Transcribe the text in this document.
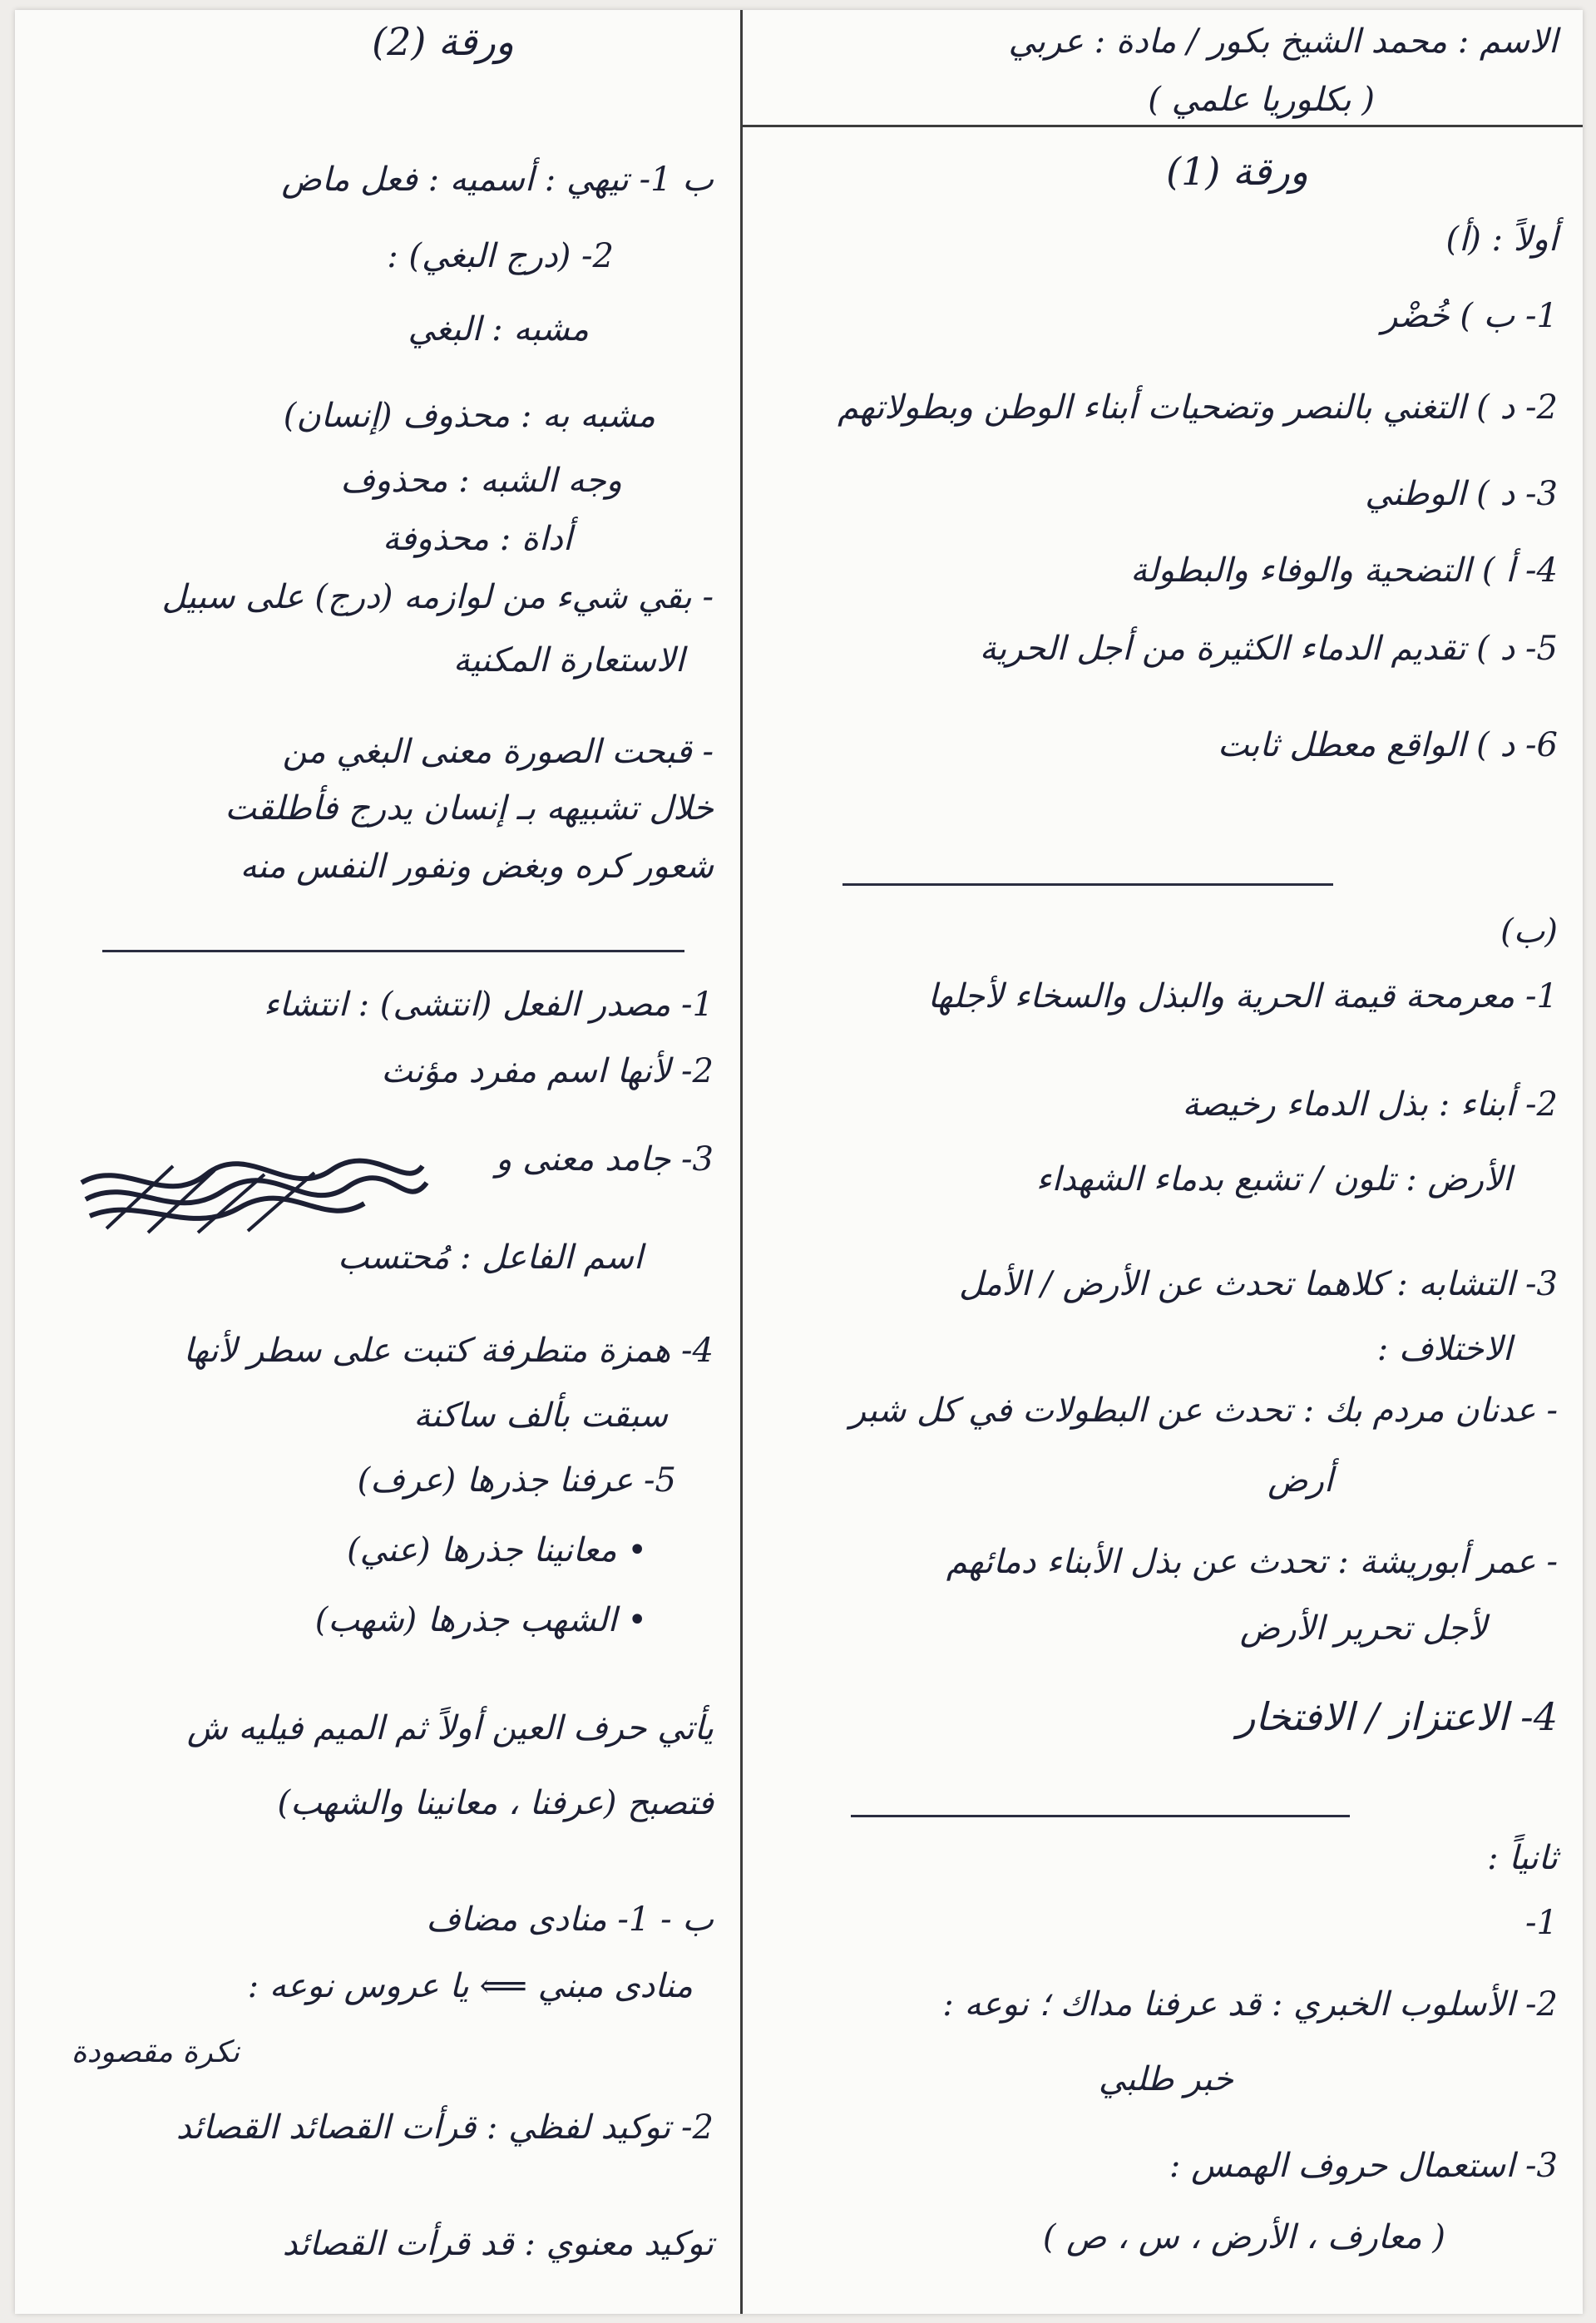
ورقة (2)
ب 1- تيهي : أسميه : فعل ماض
2- (درج البغي) :
مشبه : البغي
مشبه به : محذوف (إنسان)
وجه الشبه : محذوف
أداة : محذوفة
- بقي شيء من لوازمه (درج) على سبيل
الاستعارة المكنية
- قبحت الصورة معنى البغي من
خلال تشبيهه بـ إنسان يدرج فأطلقت
شعور كره وبغض ونفور النفس منه
1- مصدر الفعل (انتشى) : انتشاء
2- لأنها اسم مفرد مؤنث
3- جامد معنى و
اسم الفاعل : مُحتسب
4- همزة متطرفة كتبت على سطر لأنها
سبقت بألف ساكنة
5- عرفنا جذرها (عرف)
• معانينا جذرها (عني)
• الشهب جذرها (شهب)
يأتي حرف العين أولاً ثم الميم فيليه ش
فتصبح (عرفنا ، معانينا والشهب)
ب - 1- منادى مضاف
منادى مبني ⟸ يا عروس نوعه :
نكرة مقصودة
2- توكيد لفظي : قرأت القصائد القصائد
توكيد معنوي : قد قرأت القصائد
الاسم : محمد الشيخ بكور / مادة : عربي
( بكلوريا علمي )
ورقة (1)
أولاً : (أ)
1- ب ) خُضْر
2- د ) التغني بالنصر وتضحيات أبناء الوطن وبطولاتهم
3- د ) الوطني
4- أ ) التضحية والوفاء والبطولة
5- د ) تقديم الدماء الكثيرة من أجل الحرية
6- د ) الواقع معطل ثابت
(ب)
1- معرمحة قيمة الحرية والبذل والسخاء لأجلها
2- أبناء : بذل الدماء رخيصة
الأرض : تلون / تشبع بدماء الشهداء
3- التشابه : كلاهما تحدث عن الأرض / الأمل
الاختلاف :
- عدنان مردم بك : تحدث عن البطولات في كل شبر
أرض
- عمر أبوريشة : تحدث عن بذل الأبناء دمائهم
لأجل تحرير الأرض
4- الاعتزاز / الافتخار
ثانياً :
1-
2- الأسلوب الخبري : قد عرفنا مداك ؛ نوعه :
خبر طلبي
3- استعمال حروف الهمس :
( معارف ، الأرض ، س ، ص )
